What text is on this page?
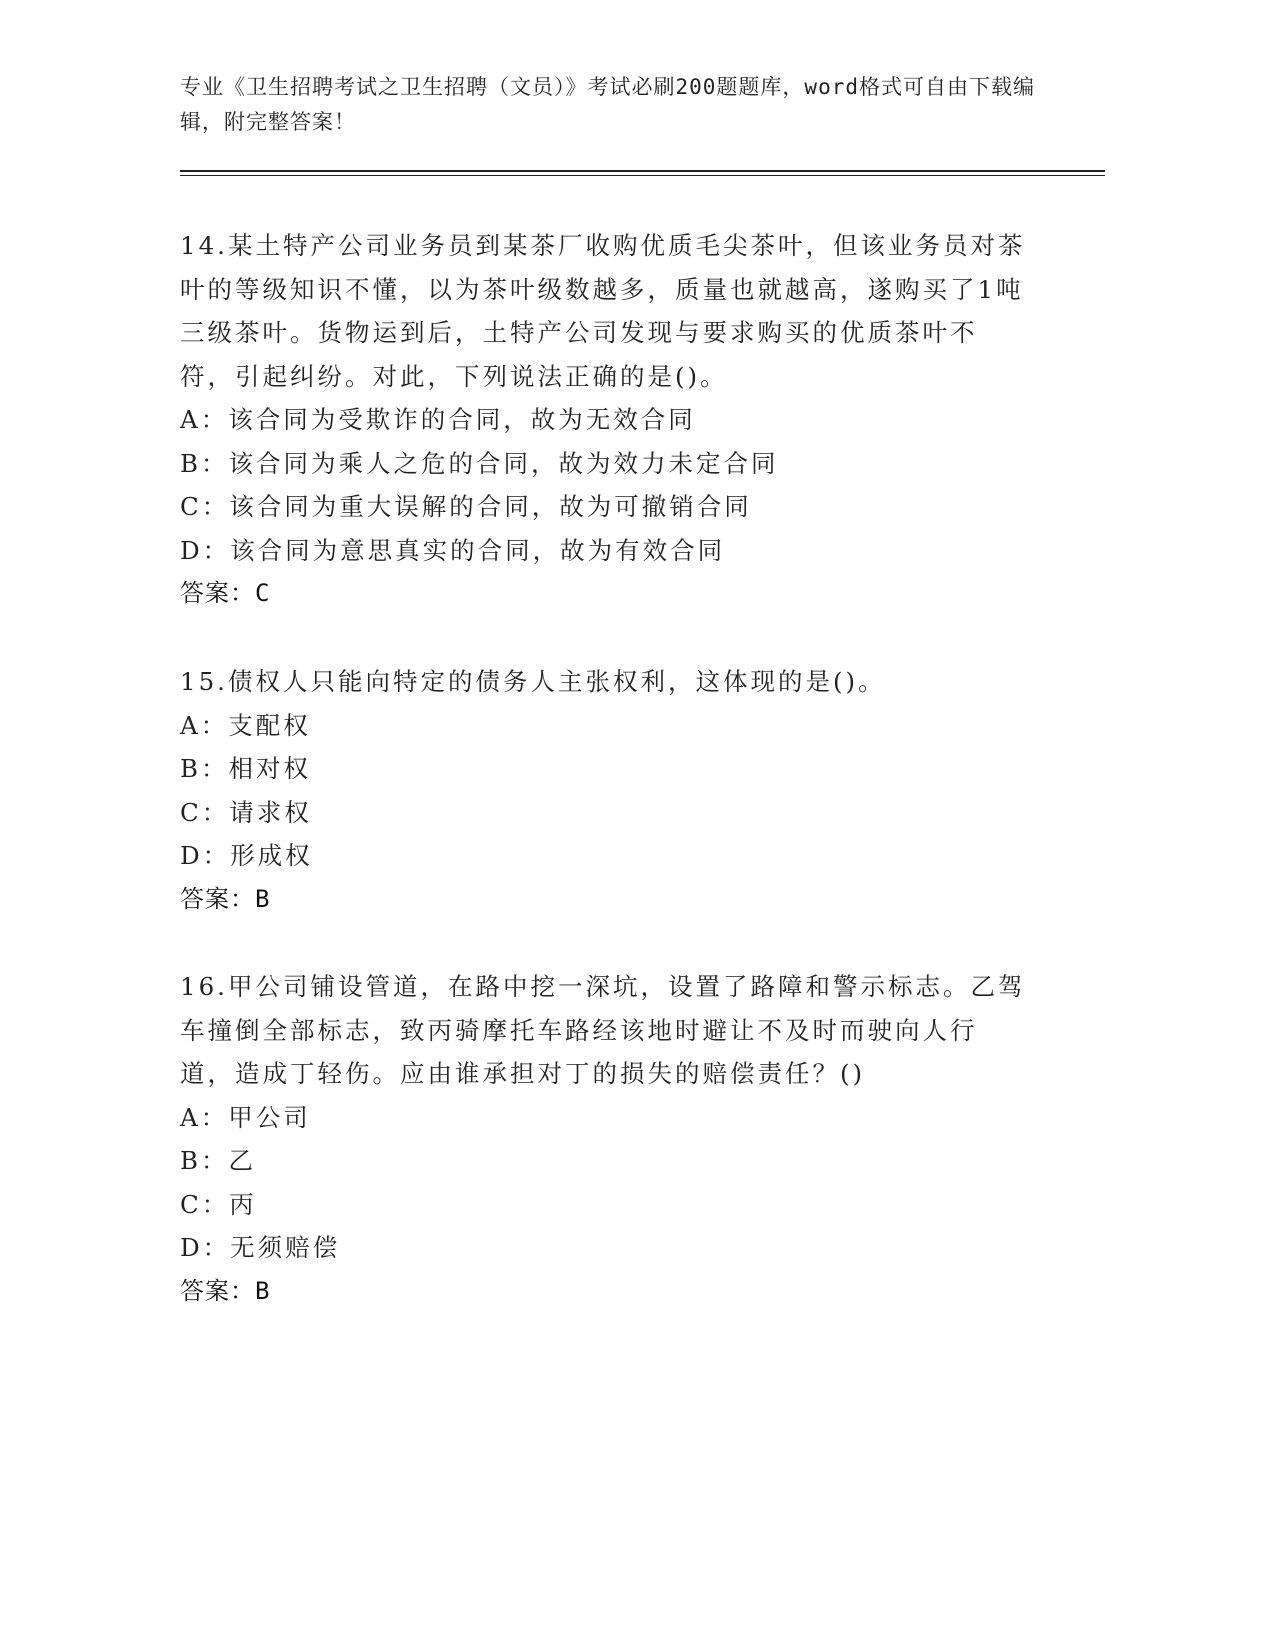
专业《卫生招聘考试之卫生招聘（文员）》考试必刷200题题库，word格式可自由下载编辑，附完整答案！

14.某土特产公司业务员到某茶厂收购优质毛尖茶叶，但该业务员对茶叶的等级知识不懂，以为茶叶级数越多，质量也就越高，遂购买了1吨三级茶叶。货物运到后，土特产公司发现与要求购买的优质茶叶不符，引起纠纷。对此，下列说法正确的是()。

A：该合同为受欺诈的合同，故为无效合同

B：该合同为乘人之危的合同，故为效力未定合同

C：该合同为重大误解的合同，故为可撤销合同

D：该合同为意思真实的合同，故为有效合同

答案：C

15.债权人只能向特定的债务人主张权利，这体现的是()。

A：支配权

B：相对权

C：请求权

D：形成权

答案：B

16.甲公司铺设管道，在路中挖一深坑，设置了路障和警示标志。乙驾车撞倒全部标志，致丙骑摩托车路经该地时避让不及时而驶向人行道，造成丁轻伤。应由谁承担对丁的损失的赔偿责任？()

A：甲公司

B：乙

C：丙

D：无须赔偿

答案：B
